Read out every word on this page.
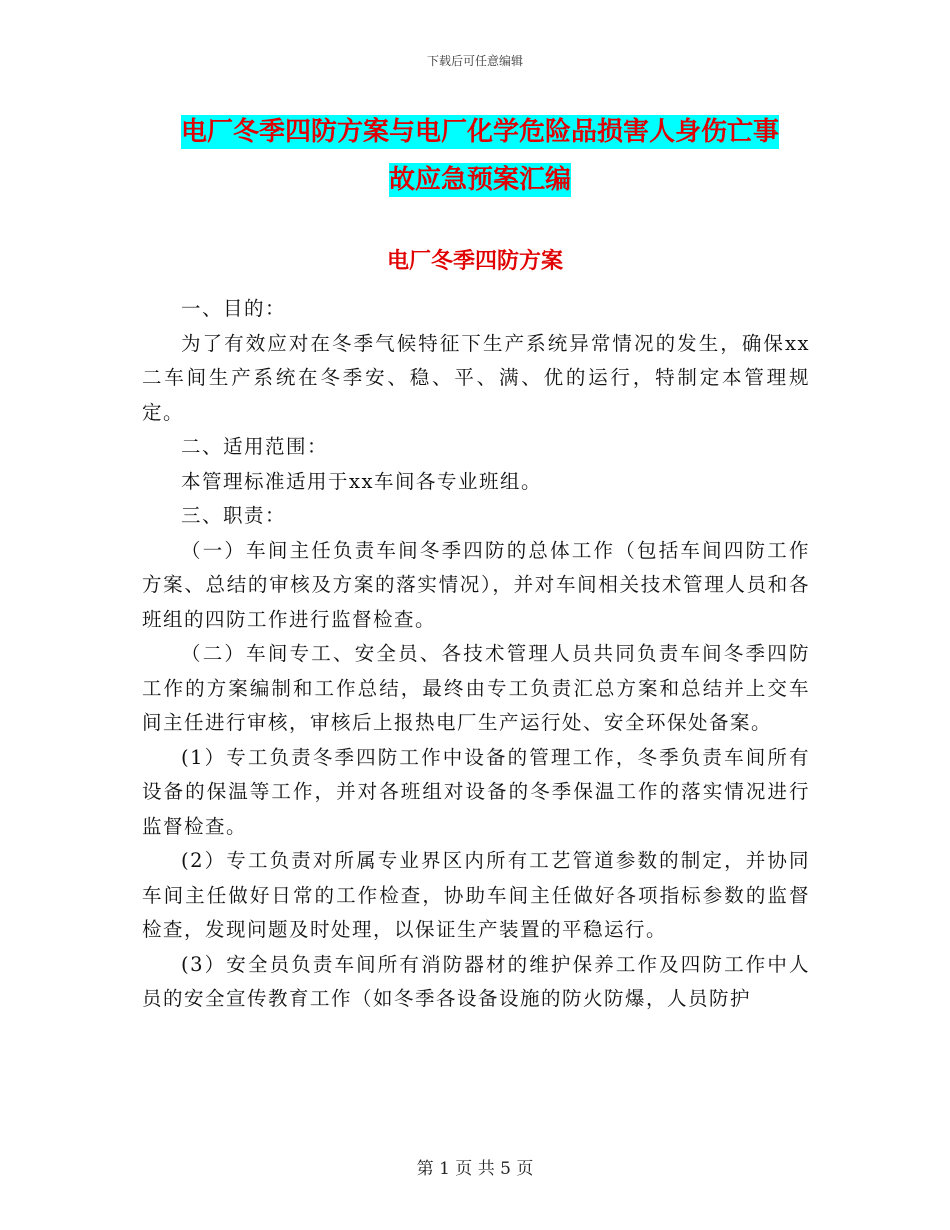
下载后可任意编辑
电厂冬季四防方案与电厂化学危险品损害人身伤亡事
故应急预案汇编
电厂冬季四防方案

一、目的：

为了有效应对在冬季气候特征下生产系统异常情况的发生，确保xx二车间生产系统在冬季安、稳、平、满、优的运行，特制定本管理规定。

二、适用范围：

本管理标准适用于xx车间各专业班组。

三、职责：

（一）车间主任负责车间冬季四防的总体工作（包括车间四防工作方案、总结的审核及方案的落实情况），并对车间相关技术管理人员和各班组的四防工作进行监督检查。

（二）车间专工、安全员、各技术管理人员共同负责车间冬季四防工作的方案编制和工作总结，最终由专工负责汇总方案和总结并上交车间主任进行审核，审核后上报热电厂生产运行处、安全环保处备案。

(1）专工负责冬季四防工作中设备的管理工作，冬季负责车间所有设备的保温等工作，并对各班组对设备的冬季保温工作的落实情况进行监督检查。

(2）专工负责对所属专业界区内所有工艺管道参数的制定，并协同车间主任做好日常的工作检查，协助车间主任做好各项指标参数的监督检查，发现问题及时处理，以保证生产装置的平稳运行。

(3）安全员负责车间所有消防器材的维护保养工作及四防工作中人员的安全宣传教育工作（如冬季各设备设施的防火防爆，人员防护

第 1 页 共 5 页
